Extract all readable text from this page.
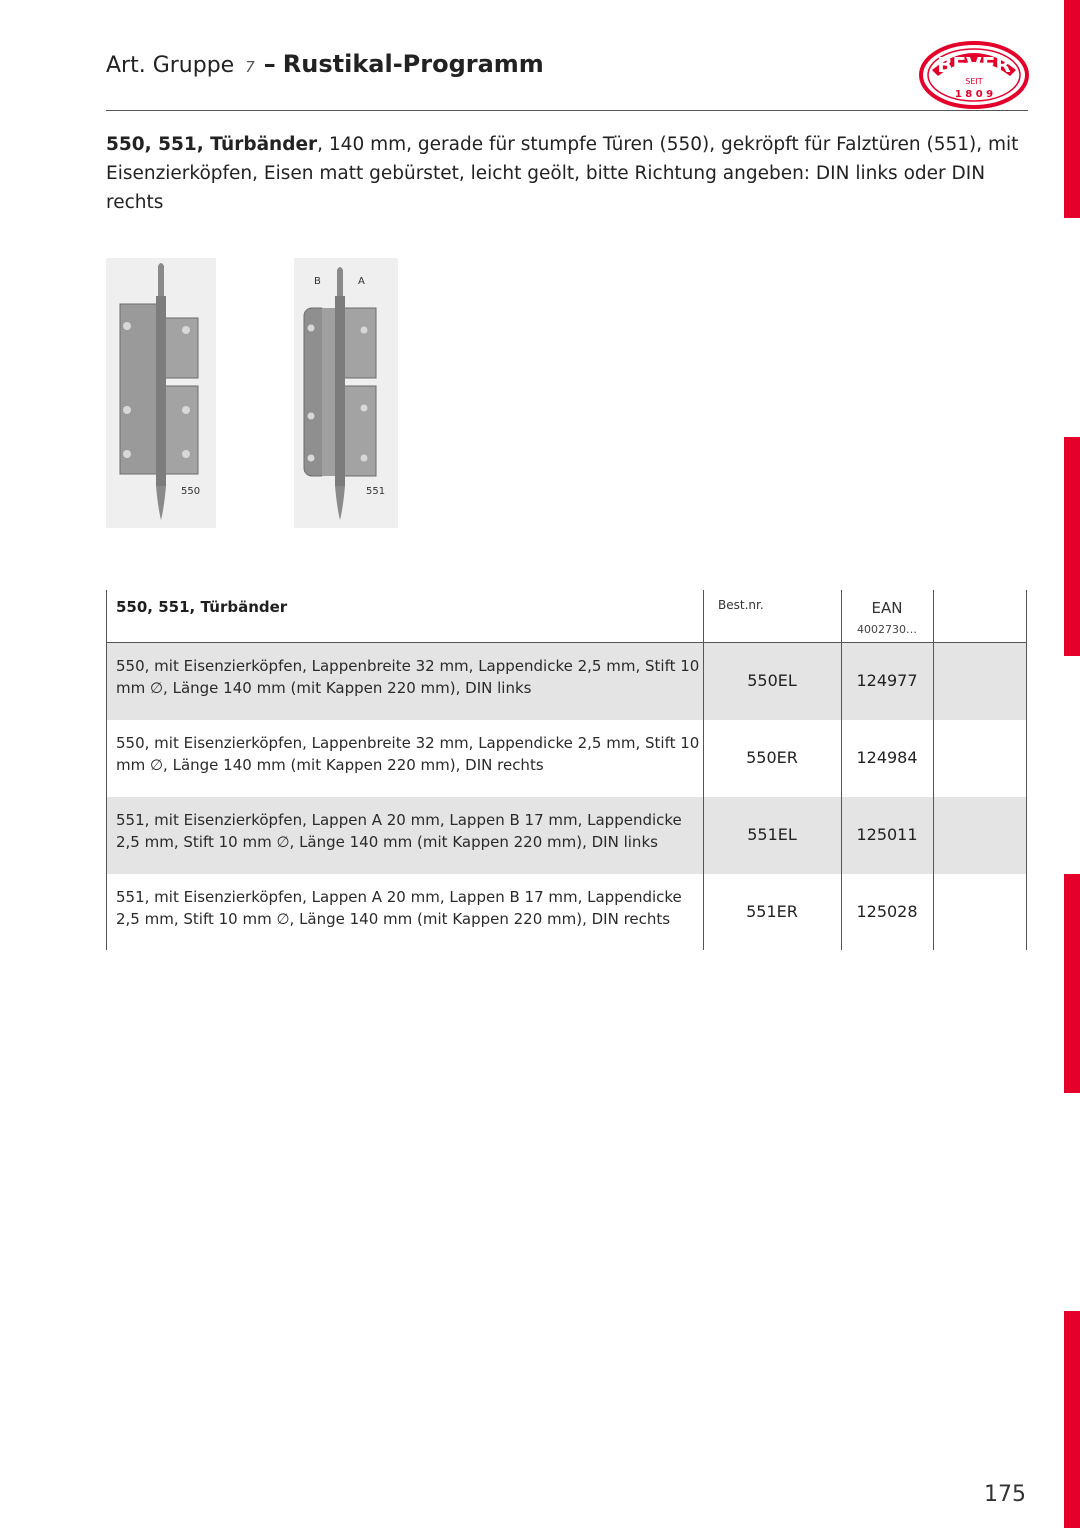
Art. Gruppe 7 – Rustikal-Programm	BEVER
SEIT
1 8 0 9
550, 551, Türbänder, 140 mm, gerade für stumpfe Türen (550), gekröpft für Falztüren (551), mit Eisenzierköpfen, Eisen matt gebürstet, leicht geölt, bitte Richtung angeben: DIN links oder DIN rechts
550
B	A
551
550, 551, Türbänder	Best.nr.	EAN
4002730…
550, mit Eisenzierköpfen, Lappenbreite 32 mm, Lappendicke 2,5 mm, Stift 10 mm ∅, Länge 140 mm (mit Kappen 220 mm), DIN links	550EL	124977
550, mit Eisenzierköpfen, Lappenbreite 32 mm, Lappendicke 2,5 mm, Stift 10 mm ∅, Länge 140 mm (mit Kappen 220 mm), DIN rechts	550ER	124984
551, mit Eisenzierköpfen, Lappen A 20 mm, Lappen B 17 mm, Lappendicke 2,5 mm, Stift 10 mm ∅, Länge 140 mm (mit Kappen 220 mm), DIN links	551EL	125011
551, mit Eisenzierköpfen, Lappen A 20 mm, Lappen B 17 mm, Lappendicke 2,5 mm, Stift 10 mm ∅, Länge 140 mm (mit Kappen 220 mm), DIN rechts	551ER	125028
175
